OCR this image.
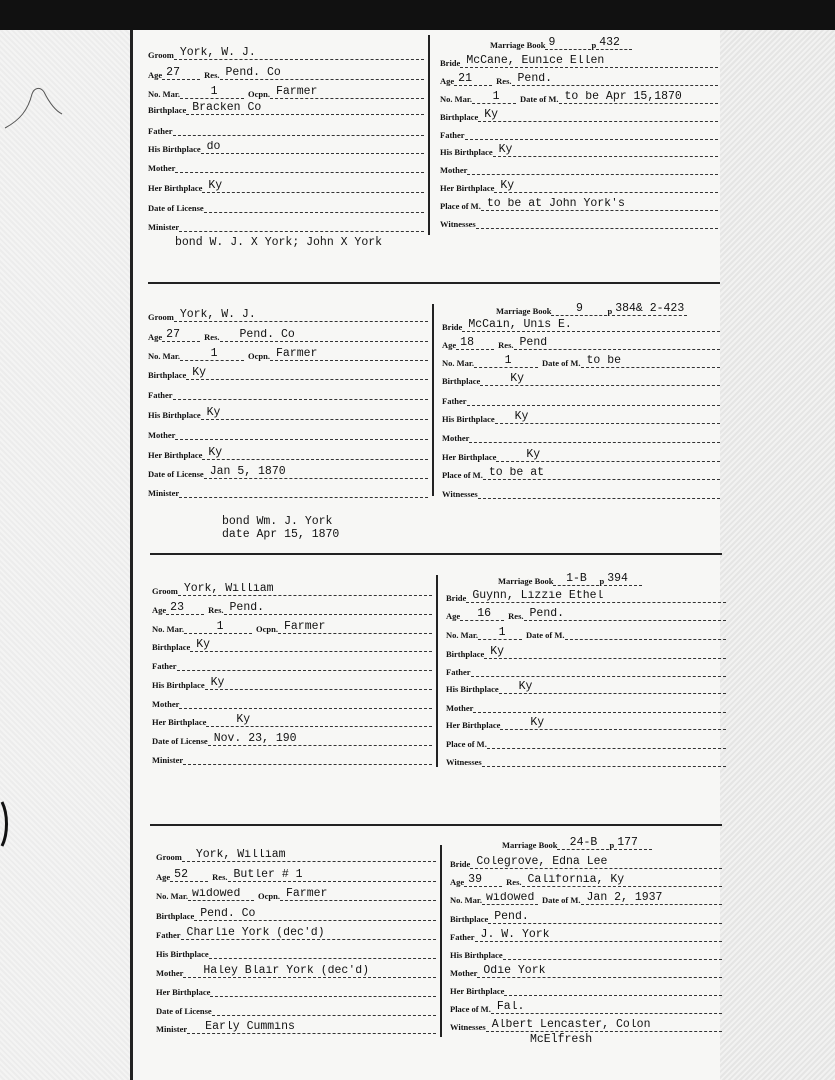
Marriage Book 9	p 432
Groom York, W. J.
Age 27	Res. Pend. Co
No. Mar.	1	Ocpn. Farmer
Birthplace Bracken Co
Father
His Birthplace do
Mother
Her Birthplace Ky
Date of License
Minister
Bride McCane, Eunice Ellen
Age 21	Res. Pend.
No. Mar.	1	Date of M. to be Apr 15,1870
Birthplace Ky
Father
His Birthplace Ky
Mother
Her Birthplace Ky
Place of M. to be at John York's
Witnesses
bond W. J. X York; John X York
Marriage Book	9	p 384& 2-423
Groom York, W. J.
Age 27	Res.	Pend. Co
No. Mar.	1	Ocpn. Farmer
Birthplace Ky
Father
His Birthplace Ky
Mother
Her Birthplace Ky
Date of License Jan 5, 1870
Minister
Bride McCain, Unis E.
Age 18	Res. Pend
No. Mar.	1	Date of M. to be
Birthplace	Ky
Father
His Birthplace	Ky
Mother
Her Birthplace	Ky
Place of M. to be at
Witnesses
bond Wm. J. York
date Apr 15, 1870
Marriage Book	1-B	p 394
Groom York, William
Age 23	Res. Pend.
No. Mar.	1	Ocpn. Farmer
Birthplace Ky
Father
His Birthplace Ky
Mother
Her Birthplace	Ky
Date of License Nov. 23, 190
Minister
Bride Guynn, Lizzie Ethel
Age	16	Res. Pend.
No. Mar.	1	Date of M.
Birthplace Ky
Father
His Birthplace	Ky
Mother
Her Birthplace	Ky
Place of M.
Witnesses
Marriage Book	24-B	p 177
Groom	York, William
Age 52	Res. Butler # 1
No. Mar. widowed	Ocpn. Farmer
Birthplace Pend. Co
Father Charlie York (dec'd)
His Birthplace
Mother	Haley Blair York (dec'd)
Her Birthplace
Date of License
Minister	Early Cummins
Bride Colegrove, Edna Lee
Age 39	Res. California, Ky
No. Mar. widowed Date of M. Jan 2, 1937
Birthplace Pend.
Father J. W. York
His Birthplace
Mother Odie York
Her Birthplace
Place of M. Fal.
Witnesses Albert Lencaster, Colon
McElfresh
